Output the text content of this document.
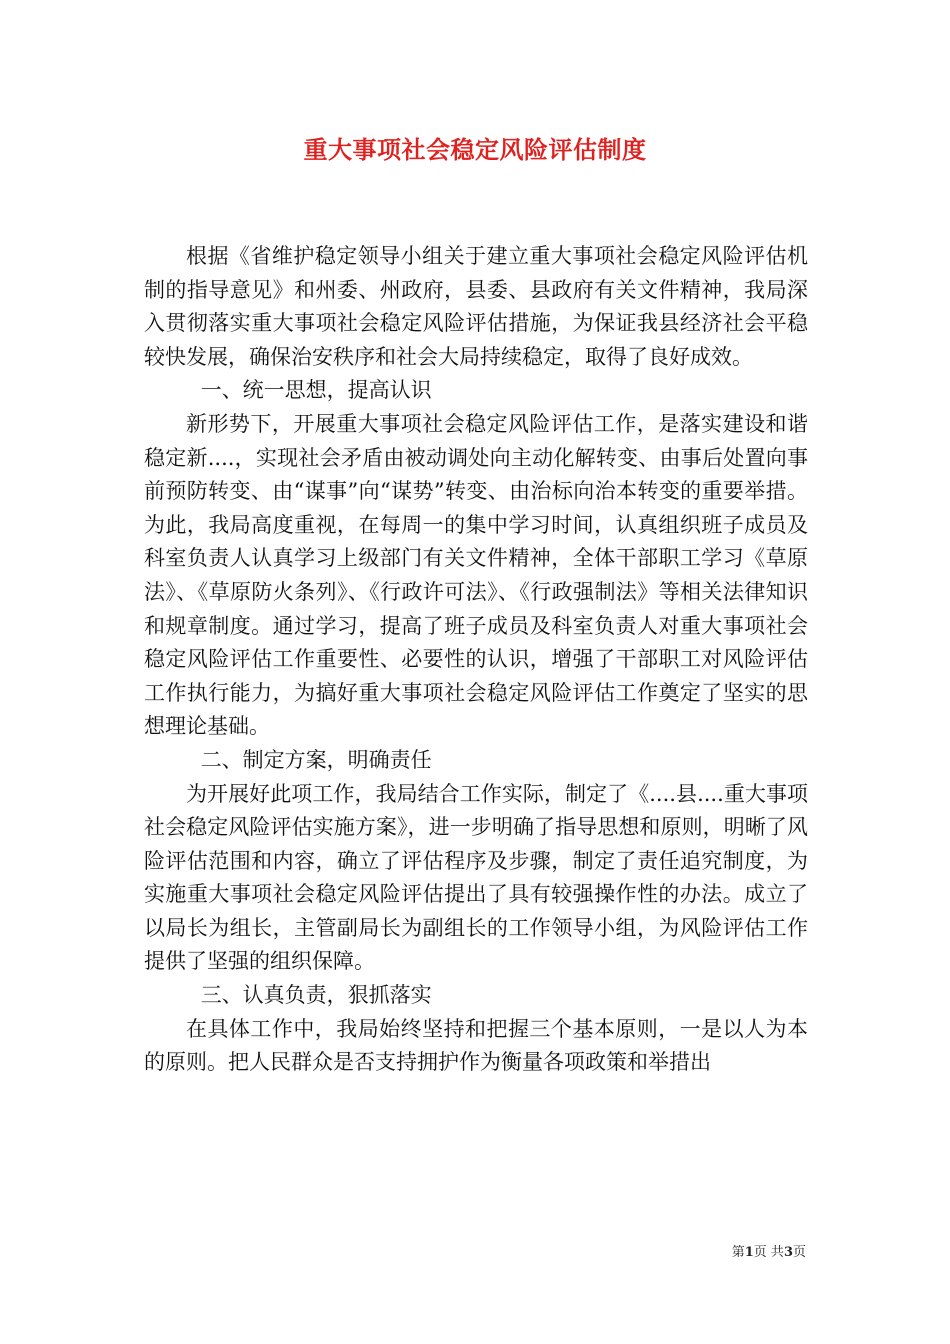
重大事项社会稳定风险评估制度

根据《省维护稳定领导小组关于建立重大事项社会稳定风险评估机制的指导意见》和州委、州政府，县委、县政府有关文件精神，我局深入贯彻落实重大事项社会稳定风险评估措施，为保证我县经济社会平稳较快发展，确保治安秩序和社会大局持续稳定，取得了良好成效。

一、统一思想，提高认识

新形势下，开展重大事项社会稳定风险评估工作，是落实建设和谐稳定新....，实现社会矛盾由被动调处向主动化解转变、由事后处置向事前预防转变、由“谋事”向“谋势”转变、由治标向治本转变的重要举措。为此，我局高度重视，在每周一的集中学习时间，认真组织班子成员及科室负责人认真学习上级部门有关文件精神，全体干部职工学习《草原法》、《草原防火条列》、《行政许可法》、《行政强制法》等相关法律知识和规章制度。通过学习，提高了班子成员及科室负责人对重大事项社会稳定风险评估工作重要性、必要性的认识，增强了干部职工对风险评估工作执行能力，为搞好重大事项社会稳定风险评估工作奠定了坚实的思想理论基础。

二、制定方案，明确责任

为开展好此项工作，我局结合工作实际，制定了《....县....重大事项社会稳定风险评估实施方案》，进一步明确了指导思想和原则，明晰了风险评估范围和内容，确立了评估程序及步骤，制定了责任追究制度，为实施重大事项社会稳定风险评估提出了具有较强操作性的办法。成立了以局长为组长，主管副局长为副组长的工作领导小组，为风险评估工作提供了坚强的组织保障。

三、认真负责，狠抓落实

在具体工作中，我局始终坚持和把握三个基本原则，一是以人为本的原则。把人民群众是否支持拥护作为衡量各项政策和举措出

第1页 共3页
